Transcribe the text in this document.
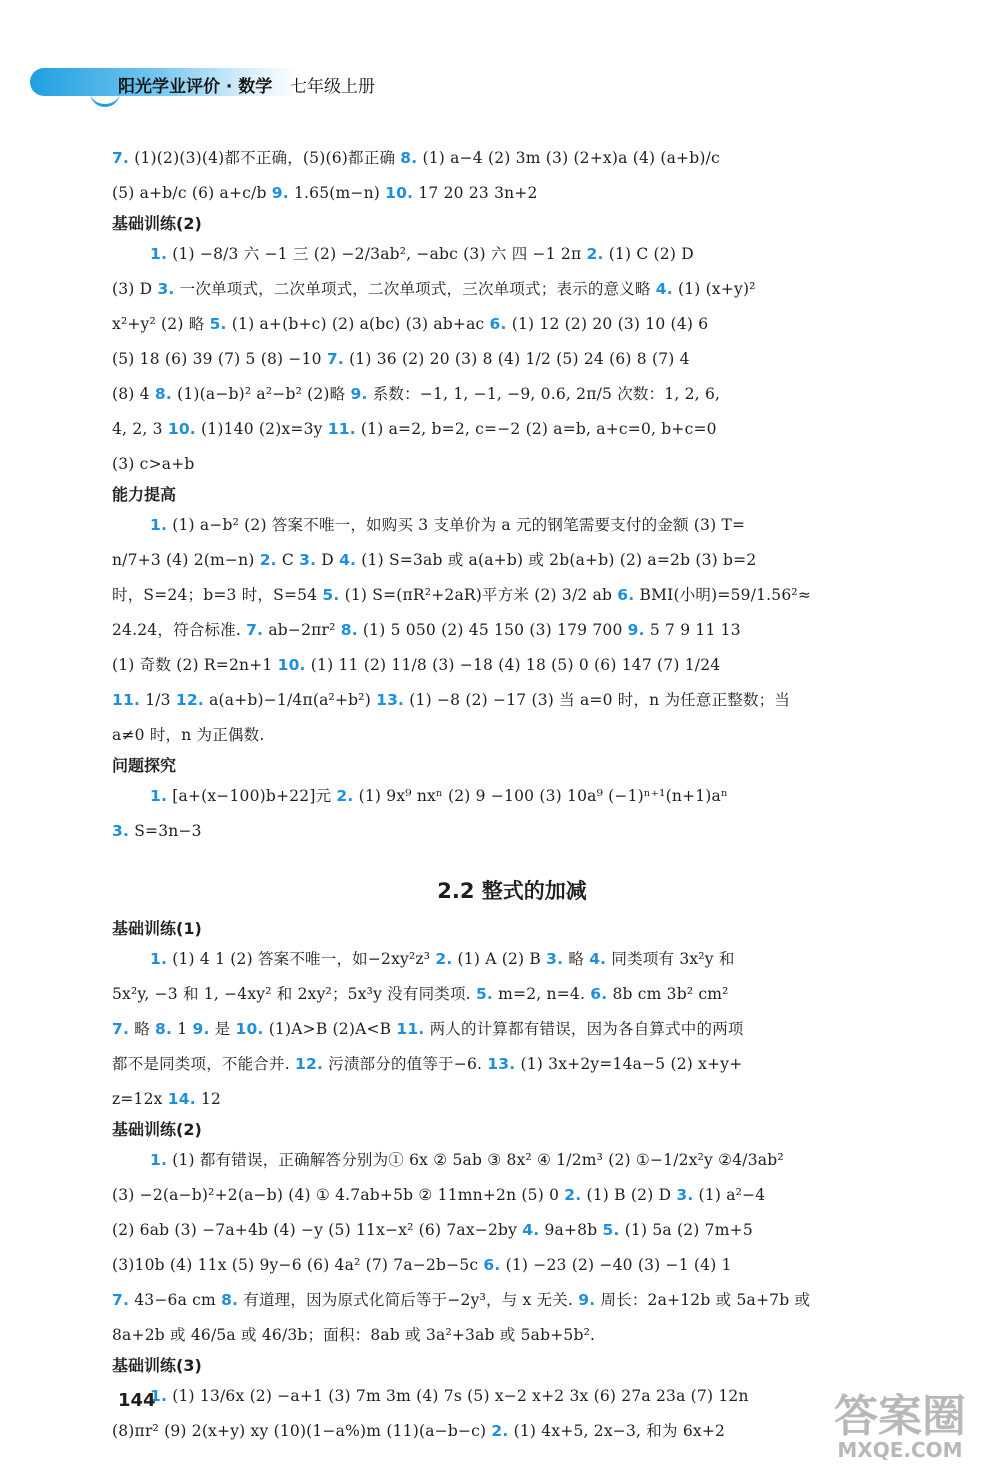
阳光学业评价 · 数学 七年级上册
7. (1)(2)(3)(4)都不正确，(5)(6)都正确 8. (1) a−4 (2) 3m (3) (2+x)a (4) (a+b)/c
(5) a+b/c (6) a+c/b 9. 1.65(m−n) 10. 17 20 23 3n+2
基础训练(2)
1. (1) −8/3 六 −1 三 (2) −2/3ab², −abc (3) 六 四 −1 2π 2. (1) C (2) D
(3) D 3. 一次单项式，二次单项式，二次单项式，三次单项式；表示的意义略 4. (1) (x+y)²
x²+y² (2) 略 5. (1) a+(b+c) (2) a(bc) (3) ab+ac 6. (1) 12 (2) 20 (3) 10 (4) 6
(5) 18 (6) 39 (7) 5 (8) −10 7. (1) 36 (2) 20 (3) 8 (4) 1/2 (5) 24 (6) 8 (7) 4
(8) 4 8. (1)(a−b)² a²−b² (2)略 9. 系数：−1, 1, −1, −9, 0.6, 2π/5 次数：1, 2, 6,
4, 2, 3 10. (1)140 (2)x=3y 11. (1) a=2, b=2, c=−2 (2) a=b, a+c=0, b+c=0
(3) c>a+b
能力提高
1. (1) a−b² (2) 答案不唯一，如购买 3 支单价为 a 元的钢笔需要支付的金额 (3) T=
n/7+3 (4) 2(m−n) 2. C 3. D 4. (1) S=3ab 或 a(a+b) 或 2b(a+b) (2) a=2b (3) b=2
时，S=24；b=3 时，S=54 5. (1) S=(πR²+2aR)平方米 (2) 3/2 ab 6. BMI(小明)=59/1.56²≈
24.24，符合标准. 7. ab−2πr² 8. (1) 5 050 (2) 45 150 (3) 179 700 9. 5 7 9 11 13
(1) 奇数 (2) R=2n+1 10. (1) 11 (2) 11/8 (3) −18 (4) 18 (5) 0 (6) 147 (7) 1/24
11. 1/3 12. a(a+b)−1/4π(a²+b²) 13. (1) −8 (2) −17 (3) 当 a=0 时，n 为任意正整数；当
a≠0 时，n 为正偶数.
问题探究
1. [a+(x−100)b+22]元 2. (1) 9x⁹ nxⁿ (2) 9 −100 (3) 10a⁹ (−1)ⁿ⁺¹(n+1)aⁿ
3. S=3n−3
2.2 整式的加减
基础训练(1)
1. (1) 4 1 (2) 答案不唯一，如−2xy²z³ 2. (1) A (2) B 3. 略 4. 同类项有 3x²y 和
5x²y, −3 和 1, −4xy² 和 2xy²；5x³y 没有同类项. 5. m=2, n=4. 6. 8b cm 3b² cm²
7. 略 8. 1 9. 是 10. (1)A>B (2)A<B 11. 两人的计算都有错误，因为各自算式中的两项
都不是同类项，不能合并. 12. 污渍部分的值等于−6. 13. (1) 3x+2y=14a−5 (2) x+y+
z=12x 14. 12
基础训练(2)
1. (1) 都有错误，正确解答分别为① 6x ② 5ab ③ 8x² ④ 1/2m³ (2) ①−1/2x²y ②4/3ab²
(3) −2(a−b)²+2(a−b) (4) ① 4.7ab+5b ② 11mn+2n (5) 0 2. (1) B (2) D 3. (1) a²−4
(2) 6ab (3) −7a+4b (4) −y (5) 11x−x² (6) 7ax−2by 4. 9a+8b 5. (1) 5a (2) 7m+5
(3)10b (4) 11x (5) 9y−6 (6) 4a² (7) 7a−2b−5c 6. (1) −23 (2) −40 (3) −1 (4) 1
7. 43−6a cm 8. 有道理，因为原式化简后等于−2y³，与 x 无关. 9. 周长：2a+12b 或 5a+7b 或
8a+2b 或 46/5a 或 46/3b；面积：8ab 或 3a²+3ab 或 5ab+5b².
基础训练(3)
1. (1) 13/6x (2) −a+1 (3) 7m 3m (4) 7s (5) x−2 x+2 3x (6) 27a 23a (7) 12n
(8)πr² (9) 2(x+y) xy (10)(1−a%)m (11)(a−b−c) 2. (1) 4x+5, 2x−3, 和为 6x+2
144	答案圈
MXQE.COM
